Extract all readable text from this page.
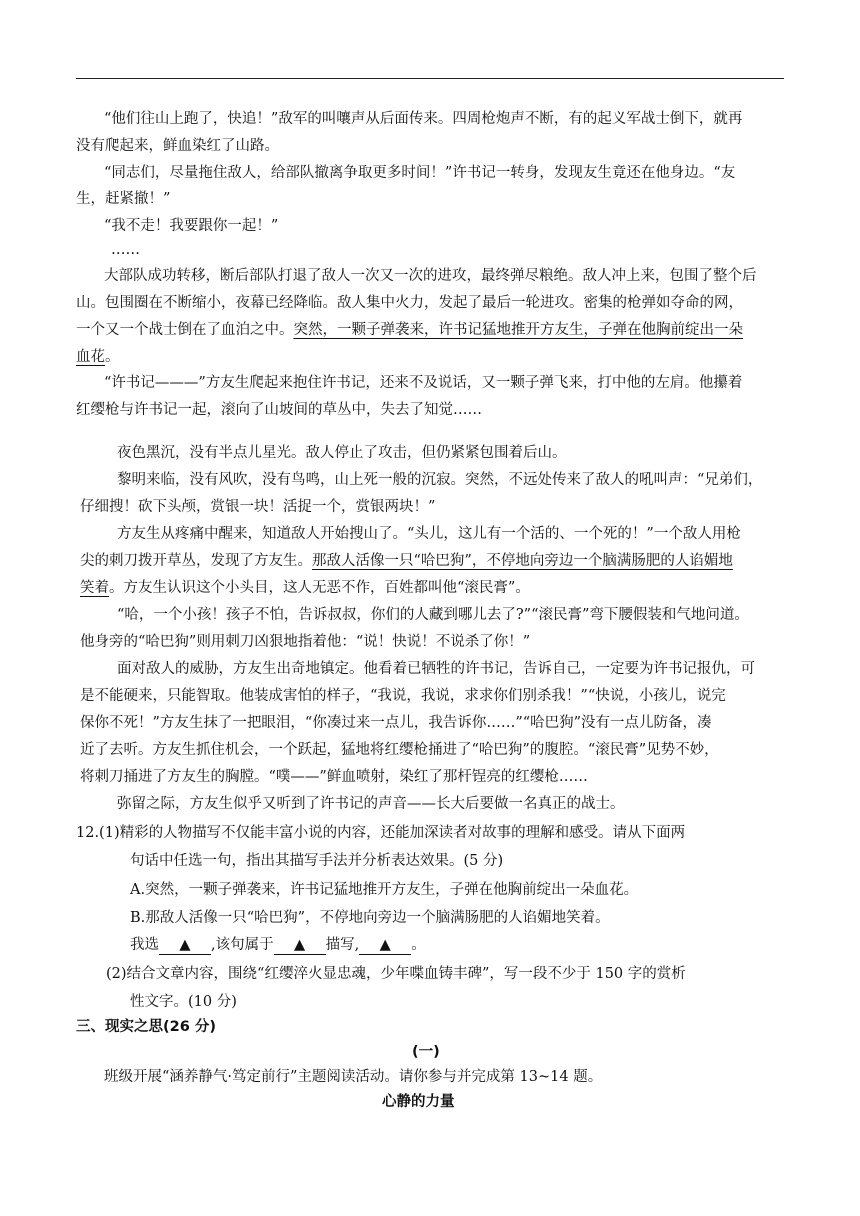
“他们往山上跑了，快追！”敌军的叫嚷声从后面传来。四周枪炮声不断，有的起义军战士倒下，就再
没有爬起来，鲜血染红了山路。
“同志们，尽量拖住敌人，给部队撤离争取更多时间！”许书记一转身，发现友生竟还在他身边。“友
生，赶紧撤！”
“我不走！我要跟你一起！”
……
大部队成功转移，断后部队打退了敌人一次又一次的进攻，最终弹尽粮绝。敌人冲上来，包围了整个后
山。包围圈在不断缩小，夜幕已经降临。敌人集中火力，发起了最后一轮进攻。密集的枪弹如夺命的网，
一个又一个战士倒在了血泊之中。突然，一颗子弹袭来，许书记猛地推开方友生，子弹在他胸前绽出一朵
血花。
“许书记———”方友生爬起来抱住许书记，还来不及说话，又一颗子弹飞来，打中他的左肩。他攥着
红缨枪与许书记一起，滚向了山坡间的草丛中，失去了知觉……
夜色黑沉，没有半点儿星光。敌人停止了攻击，但仍紧紧包围着后山。
黎明来临，没有风吹，没有鸟鸣，山上死一般的沉寂。突然，不远处传来了敌人的吼叫声：“兄弟们，
仔细搜！砍下头颅，赏银一块！活捉一个，赏银两块！”
方友生从疼痛中醒来，知道敌人开始搜山了。“头儿，这儿有一个活的、一个死的！”一个敌人用枪
尖的刺刀拨开草丛，发现了方友生。那敌人活像一只“哈巴狗”，不停地向旁边一个脑满肠肥的人谄媚地
笑着。方友生认识这个小头目，这人无恶不作，百姓都叫他“滚民膏”。
“哈，一个小孩！孩子不怕，告诉叔叔，你们的人藏到哪儿去了?”“滚民膏”弯下腰假装和气地问道。
他身旁的“哈巴狗”则用刺刀凶狠地指着他：“说！快说！不说杀了你！”
面对敌人的威胁，方友生出奇地镇定。他看着已牺牲的许书记，告诉自己，一定要为许书记报仇，可
是不能硬来，只能智取。他装成害怕的样子，“我说，我说，求求你们别杀我！”“快说，小孩儿，说完
保你不死！”方友生抹了一把眼泪，“你凑过来一点儿，我告诉你……”“哈巴狗”没有一点儿防备，凑
近了去听。方友生抓住机会，一个跃起，猛地将红缨枪捅进了“哈巴狗”的腹腔。“滚民膏”见势不妙，
将刺刀捅进了方友生的胸膛。“噗——”鲜血喷射，染红了那杆锃亮的红缨枪……
弥留之际，方友生似乎又听到了许书记的声音——长大后要做一名真正的战士。
12.(1)精彩的人物描写不仅能丰富小说的内容，还能加深读者对故事的理解和感受。请从下面两
句话中任选一句，指出其描写手法并分析表达效果。(5 分)
A.突然，一颗子弹袭来，许书记猛地推开方友生，子弹在他胸前绽出一朵血花。
B.那敌人活像一只“哈巴狗”，不停地向旁边一个脑满肠肥的人谄媚地笑着。
我选 ▲ ,该句属于 ▲ 描写, ▲ 。
(2)结合文章内容，围绕“红缨淬火显忠魂，少年喋血铸丰碑”，写一段不少于 150 字的赏析
性文字。(10 分)
三、现实之思(26 分)
(一)
班级开展“涵养静气·笃定前行”主题阅读活动。请你参与并完成第 13~14 题。
心静的力量
